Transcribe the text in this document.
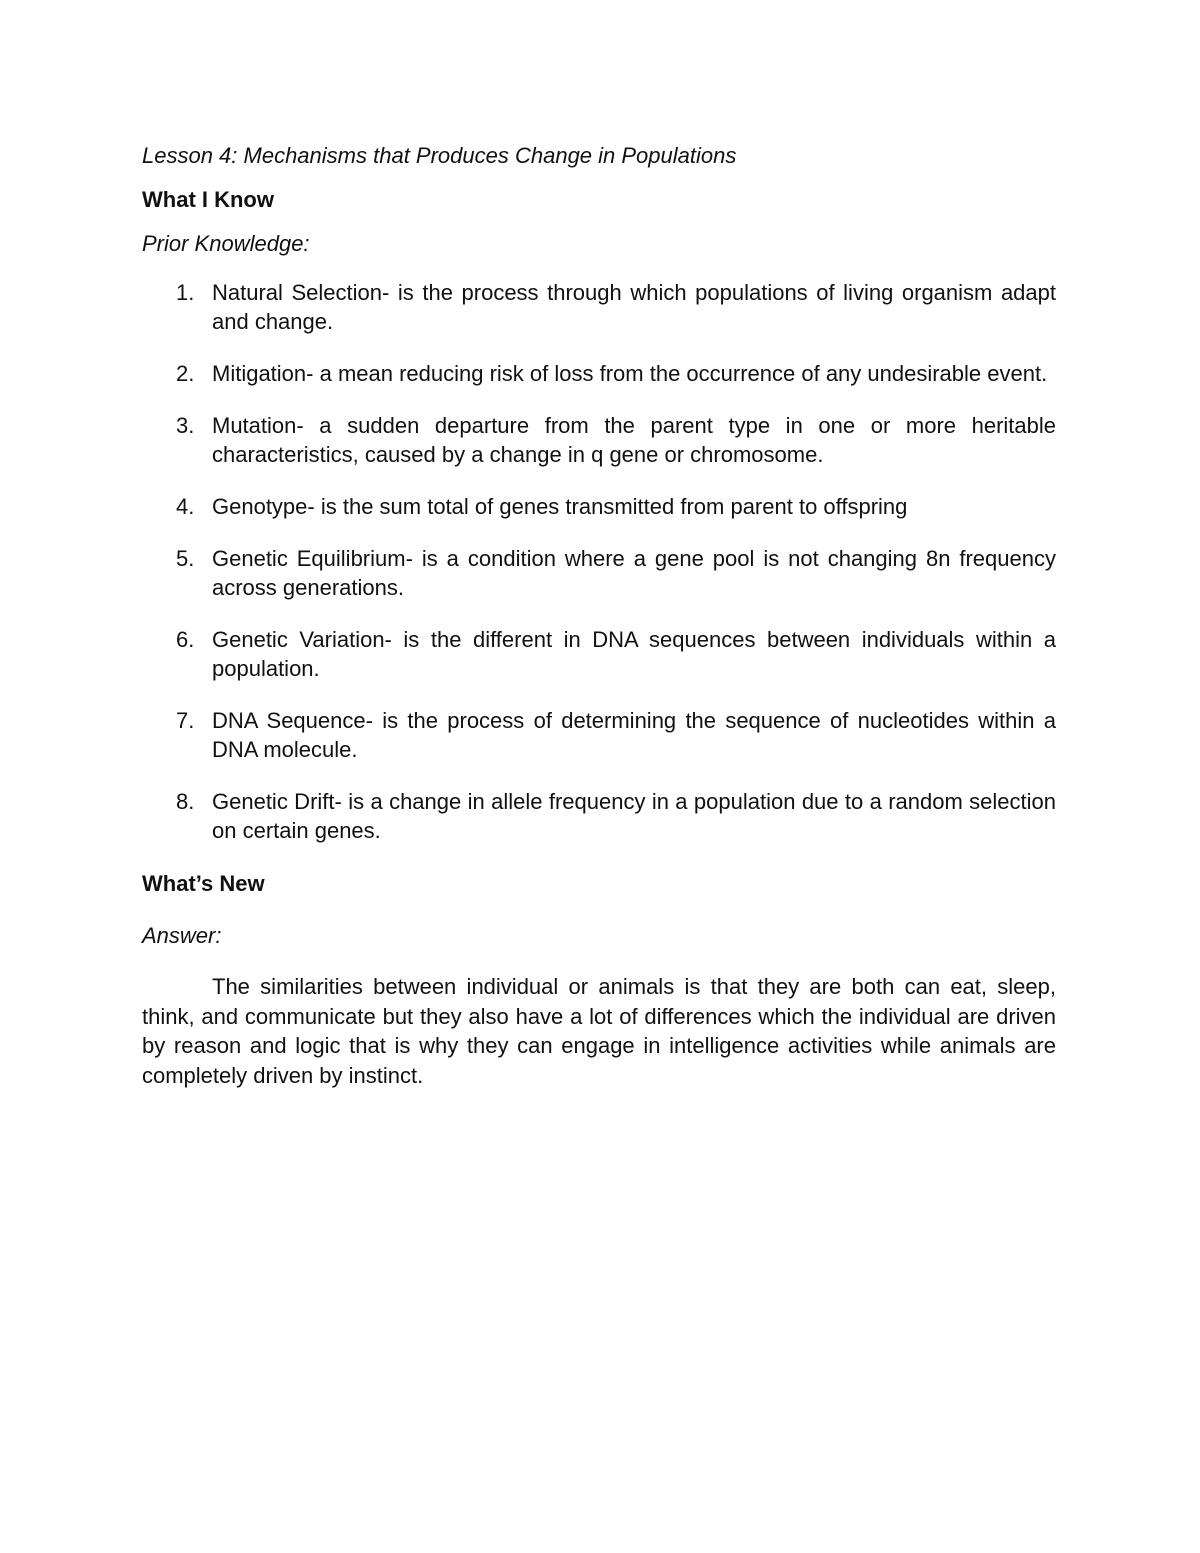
Lesson 4: Mechanisms that Produces Change in Populations
What I Know
Prior Knowledge:
1. Natural Selection- is the process through which populations of living organism adapt and change.
2. Mitigation- a mean reducing risk of loss from the occurrence of any undesirable event.
3. Mutation- a sudden departure from the parent type in one or more heritable characteristics, caused by a change in q gene or chromosome.
4. Genotype- is the sum total of genes transmitted from parent to offspring
5. Genetic Equilibrium- is a condition where a gene pool is not changing 8n frequency across generations.
6. Genetic Variation- is the different in DNA sequences between individuals within a population.
7. DNA Sequence- is the process of determining the sequence of nucleotides within a DNA molecule.
8. Genetic Drift- is a change in allele frequency in a population due to a random selection on certain genes.
What’s New
Answer:

The similarities between individual or animals is that they are both can eat, sleep, think, and communicate but they also have a lot of differences which the individual are driven by reason and logic that is why they can engage in intelligence activities while animals are completely driven by instinct.
